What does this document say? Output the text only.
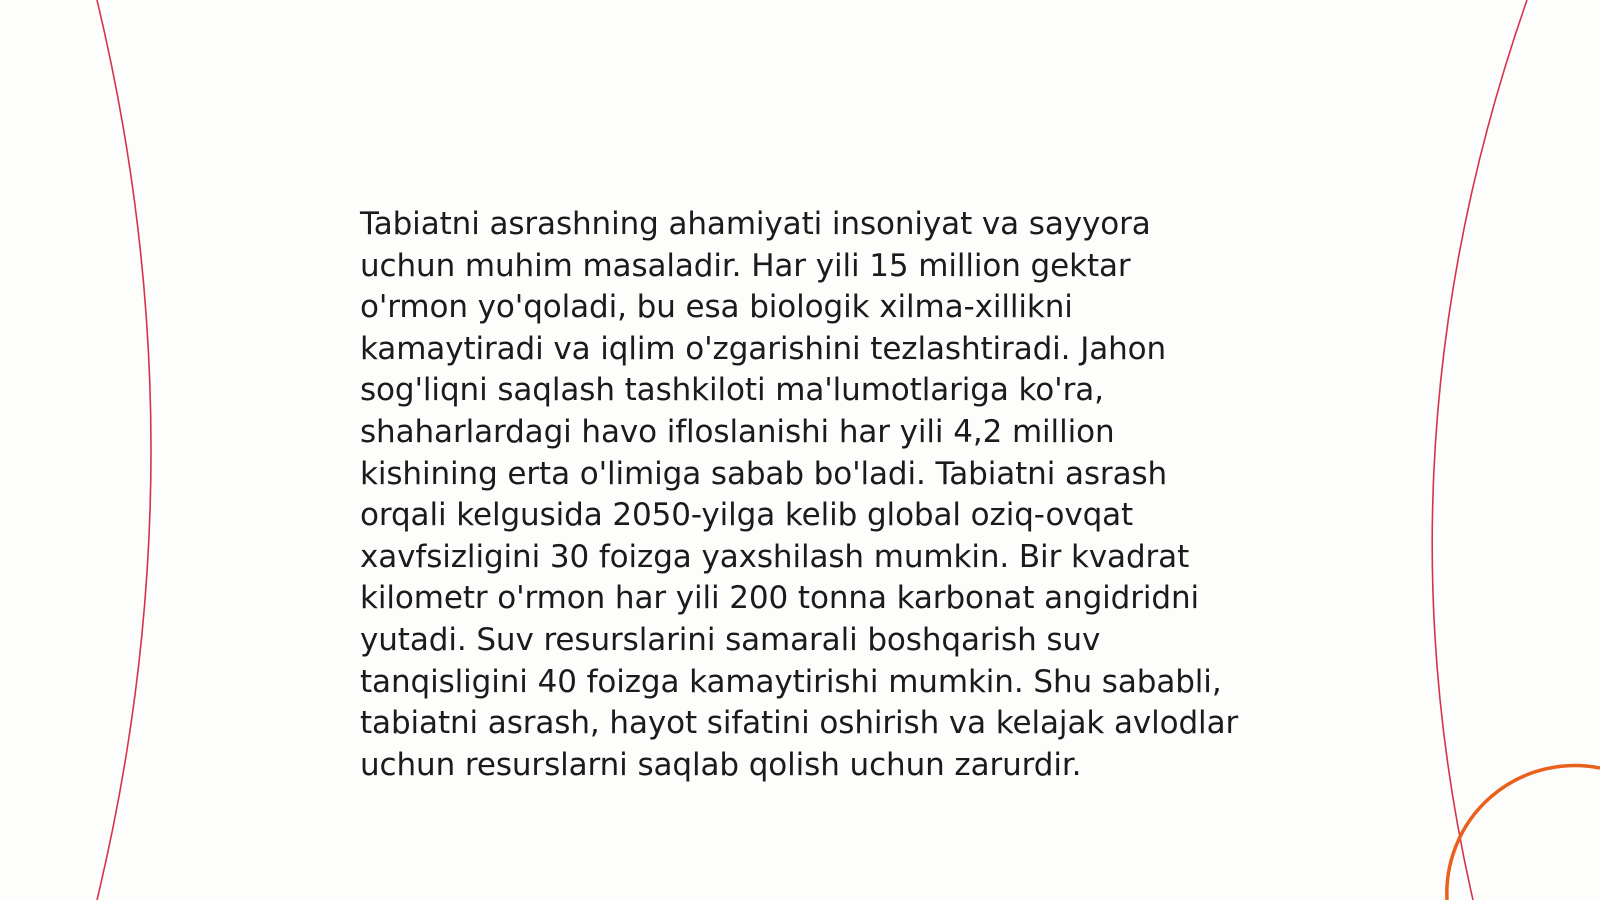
Tabiatni asrashning ahamiyati insoniyat va sayyora uchun muhim masaladir. Har yili 15 million gektar o'rmon yo'qoladi, bu esa biologik xilma-xillikni kamaytiradi va iqlim o'zgarishini tezlashtiradi. Jahon sog'liqni saqlash tashkiloti ma'lumotlariga ko'ra, shaharlardagi havo ifloslanishi har yili 4,2 million kishining erta o'limiga sabab bo'ladi. Tabiatni asrash orqali kelgusida 2050-yilga kelib global oziq-ovqat xavfsizligini 30 foizga yaxshilash mumkin. Bir kvadrat kilometr o'rmon har yili 200 tonna karbonat angidridni yutadi. Suv resurslarini samarali boshqarish suv tanqisligini 40 foizga kamaytirishi mumkin. Shu sababli, tabiatni asrash, hayot sifatini oshirish va kelajak avlodlar uchun resurslarni saqlab qolish uchun zarurdir.
